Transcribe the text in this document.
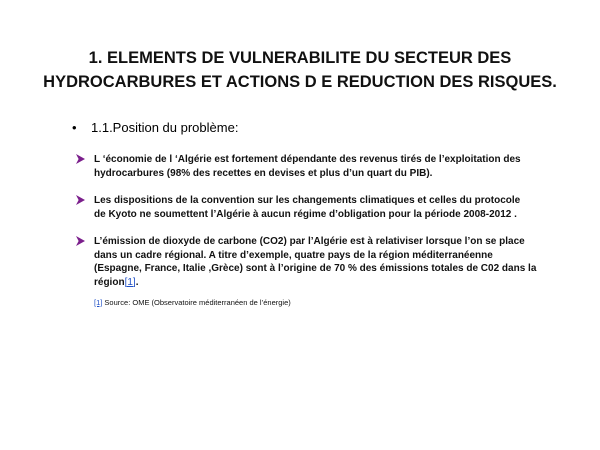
1. ELEMENTS DE VULNERABILITE DU SECTEUR DES
HYDROCARBURES ET ACTIONS D E REDUCTION DES RISQUES.
• 1.1.Position du problème:
L ‘économie de l ‘Algérie est fortement dépendante des revenus tirés de l’exploitation des
hydrocarbures (98% des recettes en devises et plus d’un quart du PIB).
Les dispositions de la convention sur les changements climatiques et celles du protocole
de Kyoto ne soumettent l’Algérie à aucun régime d’obligation pour la période 2008-2012 .
L’émission de dioxyde de carbone (CO2) par l’Algérie est à relativiser lorsque l’on se place
dans un cadre régional. A titre d’exemple, quatre pays de la région méditerranéenne
(Espagne, France, Italie ,Grèce) sont à l’origine de 70 % des émissions totales de C02 dans la
région[1].
[1] Source: OME (Observatoire méditerranéen de l’énergie)
